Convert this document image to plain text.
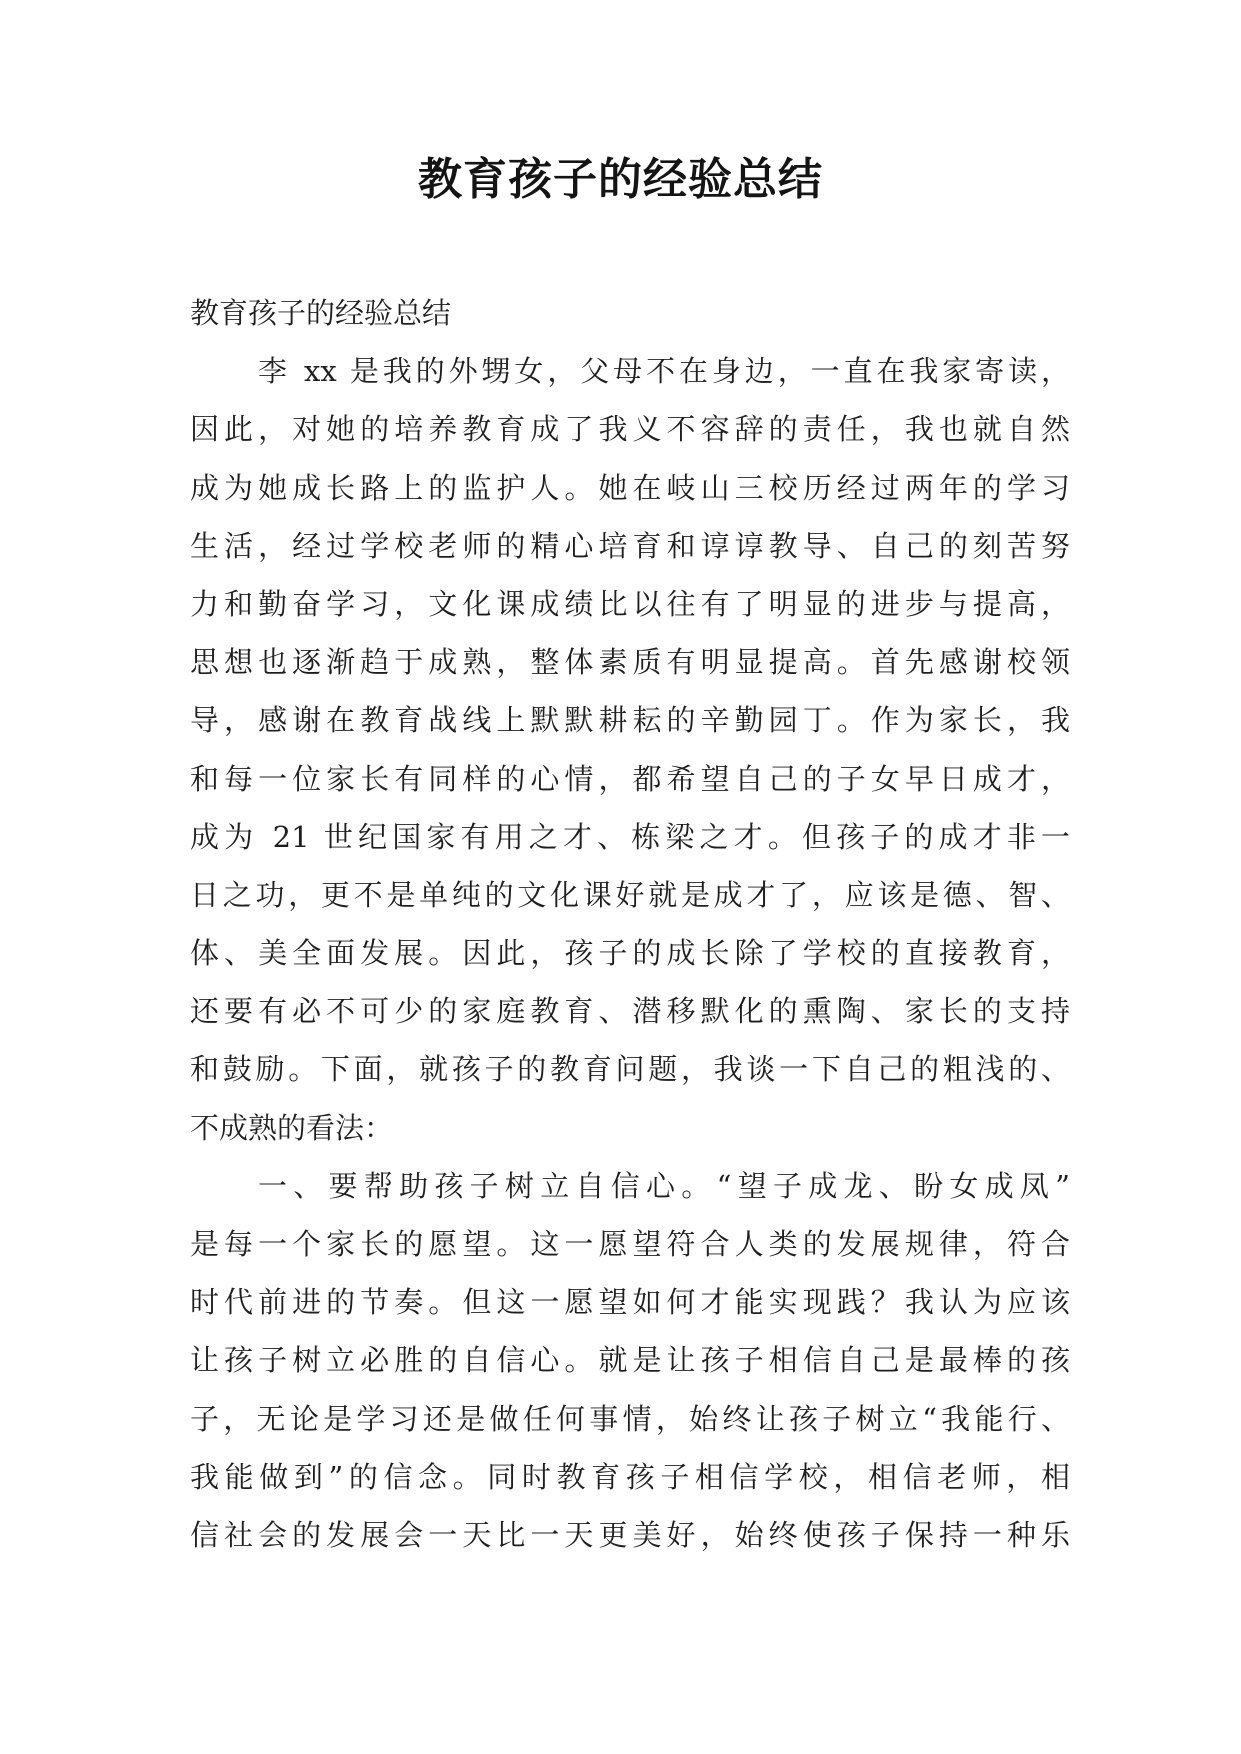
教育孩子的经验总结

教育孩子的经验总结

李 xx 是我的外甥女，父母不在身边，一直在我家寄读，

因此，对她的培养教育成了我义不容辞的责任，我也就自然

成为她成长路上的监护人。她在岐山三校历经过两年的学习

生活，经过学校老师的精心培育和谆谆教导、自己的刻苦努

力和勤奋学习，文化课成绩比以往有了明显的进步与提高，

思想也逐渐趋于成熟，整体素质有明显提高。首先感谢校领

导，感谢在教育战线上默默耕耘的辛勤园丁。作为家长，我

和每一位家长有同样的心情，都希望自己的子女早日成才，

成为 21 世纪国家有用之才、栋梁之才。但孩子的成才非一

日之功，更不是单纯的文化课好就是成才了，应该是德、智、

体、美全面发展。因此，孩子的成长除了学校的直接教育，

还要有必不可少的家庭教育、潜移默化的熏陶、家长的支持

和鼓励。下面，就孩子的教育问题，我谈一下自己的粗浅的、

不成熟的看法：

一、要帮助孩子树立自信心。“望子成龙、盼女成凤”

是每一个家长的愿望。这一愿望符合人类的发展规律，符合

时代前进的节奏。但这一愿望如何才能实现践？我认为应该

让孩子树立必胜的自信心。就是让孩子相信自己是最棒的孩

子，无论是学习还是做任何事情，始终让孩子树立“我能行、

我能做到”的信念。同时教育孩子相信学校，相信老师，相

信社会的发展会一天比一天更美好，始终使孩子保持一种乐
